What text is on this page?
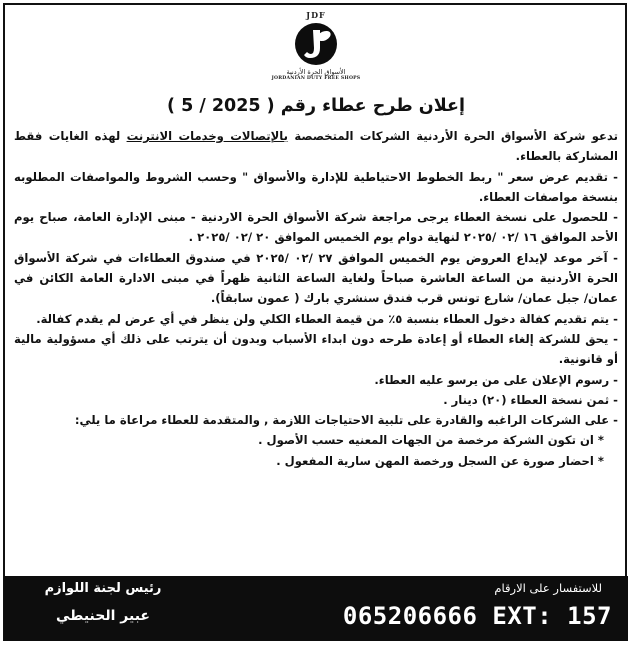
JDF
الأسواق الحرة الأردنية
JORDANIAN DUTY FREE SHOPS
إعلان طرح عطاء رقم ( 2025 / 5 )

تدعو شركة الأسواق الحرة الأردنية الشركات المتخصصة بالإتصالات وخدمات الانترنت لهذه الغايات فقط المشاركة بالعطاء.

- تقديم عرض سعر " ربط الخطوط الاحتياطية للإدارة والأسواق " وحسب الشروط والمواصفات المطلوبه بنسخة مواصفات العطاء.

- للحصول على نسخة العطاء يرجى مراجعة شركة الأسواق الحرة الاردنية - مبنى الإدارة العامة، صباح يوم الأحد الموافق ١٦ /٠٢ /٢٠٢٥ لنهاية دوام يوم الخميس الموافق ٢٠ /٠٢ /٢٠٢٥ .

- آخر موعد لإيداع العروض يوم الخميس الموافق ٢٧ /٠٢ /٢٠٢٥ في صندوق العطاءات في شركة الأسواق الحرة الأردنية من الساعة العاشرة صباحاً ولغاية الساعة الثانية ظهراً في مبنى الادارة العامة الكائن في عمان/ جبل عمان/ شارع تونس قرب فندق سنشري بارك ( عمون سابقاً).

- يتم تقديم كفالة دخول العطاء بنسبة ٥٪ من قيمة العطاء الكلي ولن ينظر في أي عرض لم يقدم كفالة.

- يحق للشركة إلغاء العطاء أو إعادة طرحه دون ابداء الأسباب وبدون أن يترتب على ذلك أي مسؤولية مالية أو قانونية.

- رسوم الإعلان على من يرسو عليه العطاء.

- ثمن نسخة العطاء (٢٠) دينار .

- على الشركات الراغبه والقادرة على تلبية الاحتياجات اللازمة , والمتقدمة للعطاء مراعاة ما يلي:

* ان تكون الشركة مرخصة من الجهات المعنيه حسب الأصول .

* احضار صورة عن السجل ورخصة المهن سارية المفعول .

للاستفسار على الارقام
065206666 EXT: 157
رئيس لجنة اللوازم
عبير الحنيطي
